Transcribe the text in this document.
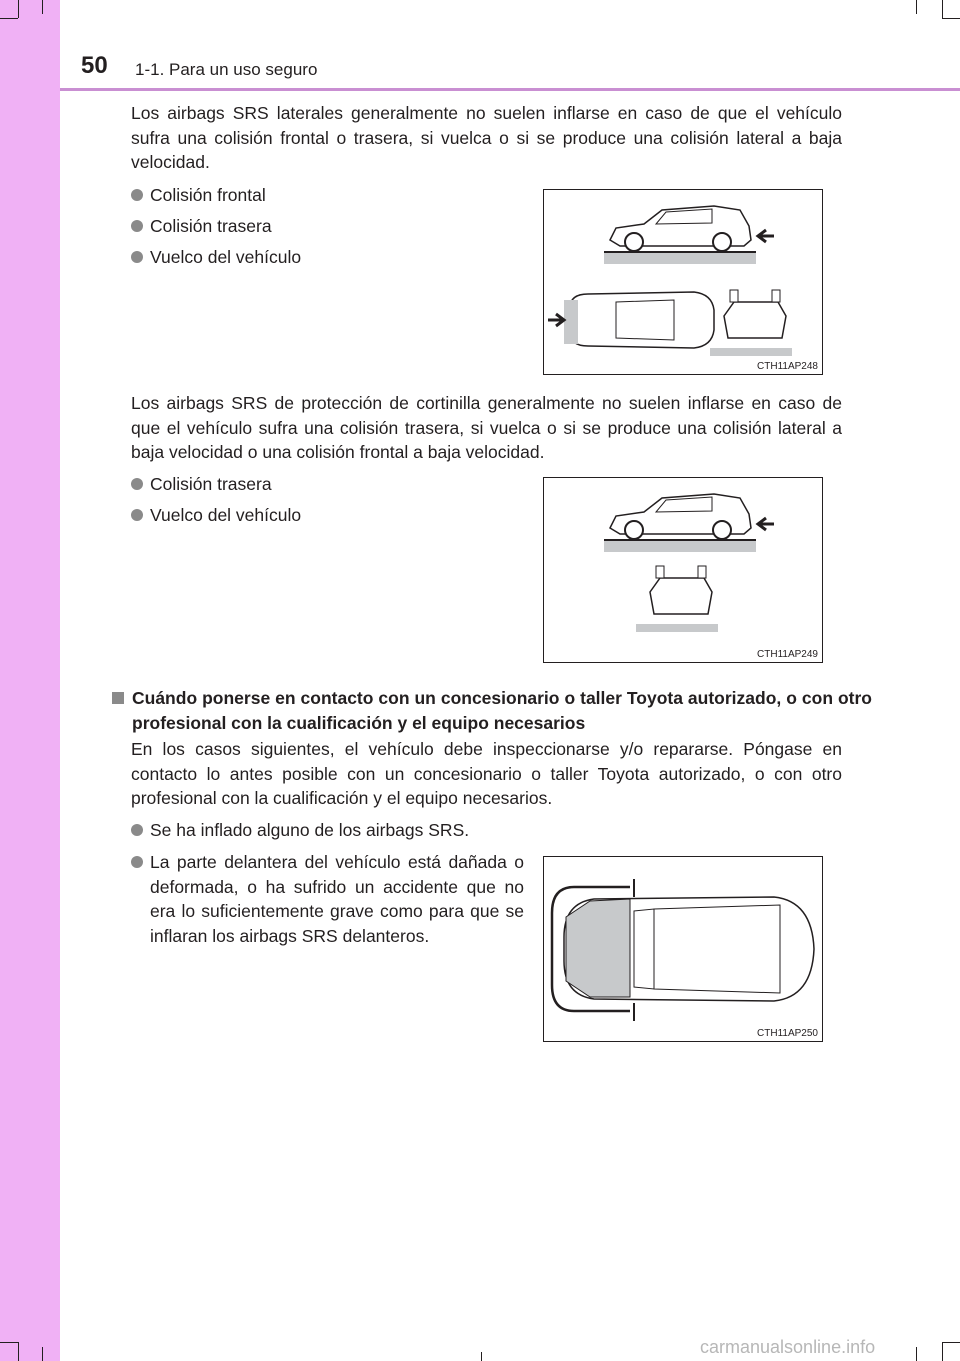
50 1-1. Para un uso seguro
Los airbags SRS laterales generalmente no suelen inflarse en caso de que el vehículo sufra una colisión frontal o trasera, si vuelca o si se produce una colisión lateral a baja velocidad.
Colisión frontal
Colisión trasera
Vuelco del vehículo
CTH11AP248
Los airbags SRS de protección de cortinilla generalmente no suelen inflarse en caso de que el vehículo sufra una colisión trasera, si vuelca o si se produce una colisión lateral a baja velocidad o una colisión frontal a baja velocidad.
Colisión trasera
Vuelco del vehículo
CTH11AP249
Cuándo ponerse en contacto con un concesionario o taller Toyota autorizado, o con otro profesional con la cualificación y el equipo necesarios
En los casos siguientes, el vehículo debe inspeccionarse y/o repararse. Póngase en contacto lo antes posible con un concesionario o taller Toyota autorizado, o con otro profesional con la cualificación y el equipo necesarios.
Se ha inflado alguno de los airbags SRS.
La parte delantera del vehículo está dañada o deformada, o ha sufrido un accidente que no era lo suficientemente grave como para que se inflaran los airbags SRS delanteros.
CTH11AP250
carmanualsonline.info
